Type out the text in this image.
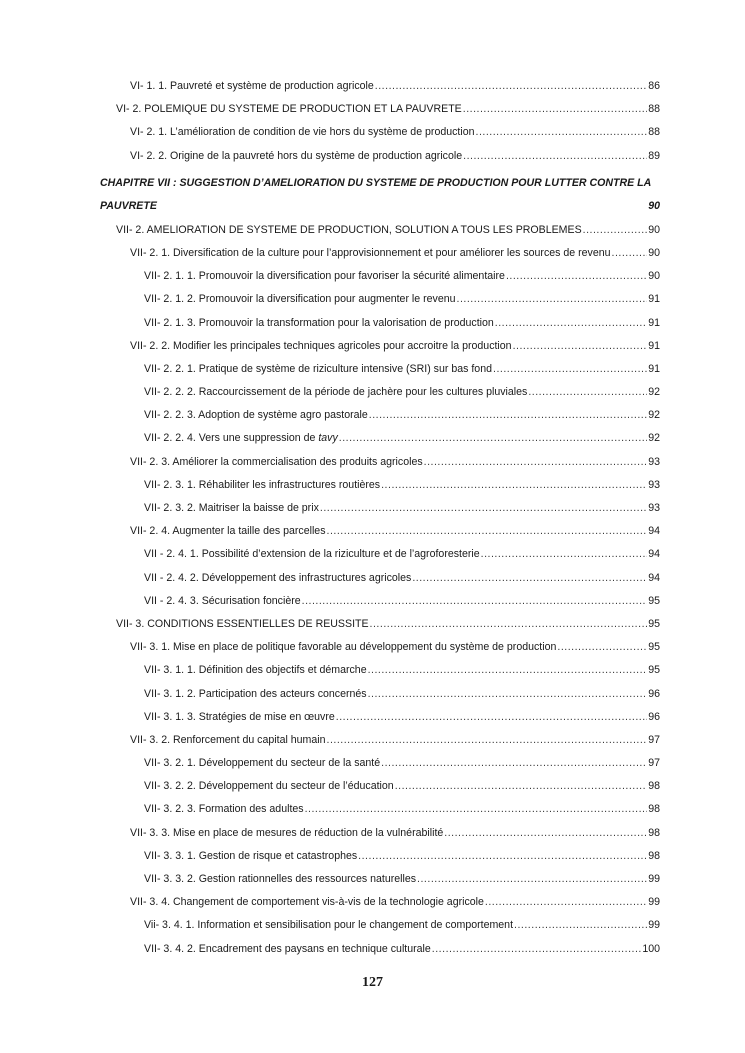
VI- 1. 1. Pauvreté et système de production agricole .....	86
VI- 2. POLEMIQUE DU SYSTEME DE PRODUCTION ET LA PAUVRETE .....	88
VI- 2. 1. L’amélioration de condition de vie hors du système de production .....	88
VI- 2. 2. Origine de la pauvreté hors du système de production agricole .....	89
CHAPITRE VII : SUGGESTION D’AMELIORATION DU SYSTEME DE PRODUCTION POUR LUTTER CONTRE LA
PAUVRETE	90
VII- 2. AMELIORATION DE SYSTEME DE PRODUCTION, SOLUTION A TOUS LES PROBLEMES .....	90
VII- 2. 1. Diversification de la culture pour l’approvisionnement et pour améliorer les sources de revenu .....	90
VII- 2. 1. 1. Promouvoir la diversification pour favoriser la sécurité alimentaire .....	90
VII- 2. 1. 2. Promouvoir la diversification pour augmenter le revenu .....	91
VII- 2. 1. 3. Promouvoir la transformation pour la valorisation de production .....	91
VII- 2. 2. Modifier les principales techniques agricoles pour accroitre la production .....	91
VII- 2. 2. 1. Pratique de système de riziculture intensive (SRI) sur bas fond .....	91
VII- 2. 2. 2. Raccourcissement de la période de jachère pour les cultures pluviales .....	92
VII- 2. 2. 3. Adoption de système agro pastorale .....	92
VII- 2. 2. 4. Vers une suppression de tavy .....	92
VII- 2. 3. Améliorer la commercialisation des produits agricoles .....	93
VII- 2. 3. 1. Réhabiliter les infrastructures routières .....	93
VII- 2. 3. 2. Maitriser la baisse de prix .....	93
VII- 2. 4. Augmenter la taille des parcelles .....	94
VII - 2. 4. 1. Possibilité d’extension de la riziculture et de l’agroforesterie .....	94
VII - 2. 4. 2. Développement des infrastructures agricoles .....	94
VII - 2. 4. 3. Sécurisation foncière .....	95
VII- 3. CONDITIONS ESSENTIELLES DE REUSSITE .....	95
VII- 3. 1. Mise en place de politique favorable au développement du système de production .....	95
VII- 3. 1. 1. Définition des objectifs et démarche .....	95
VII- 3. 1. 2. Participation des acteurs concernés .....	96
VII- 3. 1. 3. Stratégies de mise en œuvre .....	96
VII- 3. 2. Renforcement du capital humain .....	97
VII- 3. 2. 1. Développement du secteur de la santé .....	97
VII- 3. 2. 2. Développement du secteur de l’éducation .....	98
VII- 3. 2. 3. Formation des adultes .....	98
VII- 3. 3. Mise en place de mesures de réduction de la vulnérabilité .....	98
VII- 3. 3. 1. Gestion de risque et catastrophes .....	98
VII- 3. 3. 2. Gestion rationnelles des ressources naturelles .....	99
VII- 3. 4. Changement de comportement vis-à-vis de la technologie agricole .....	99
Vii- 3. 4. 1. Information et sensibilisation pour le changement de comportement .....	99
VII- 3. 4. 2. Encadrement des paysans en technique culturale .....	100
127
